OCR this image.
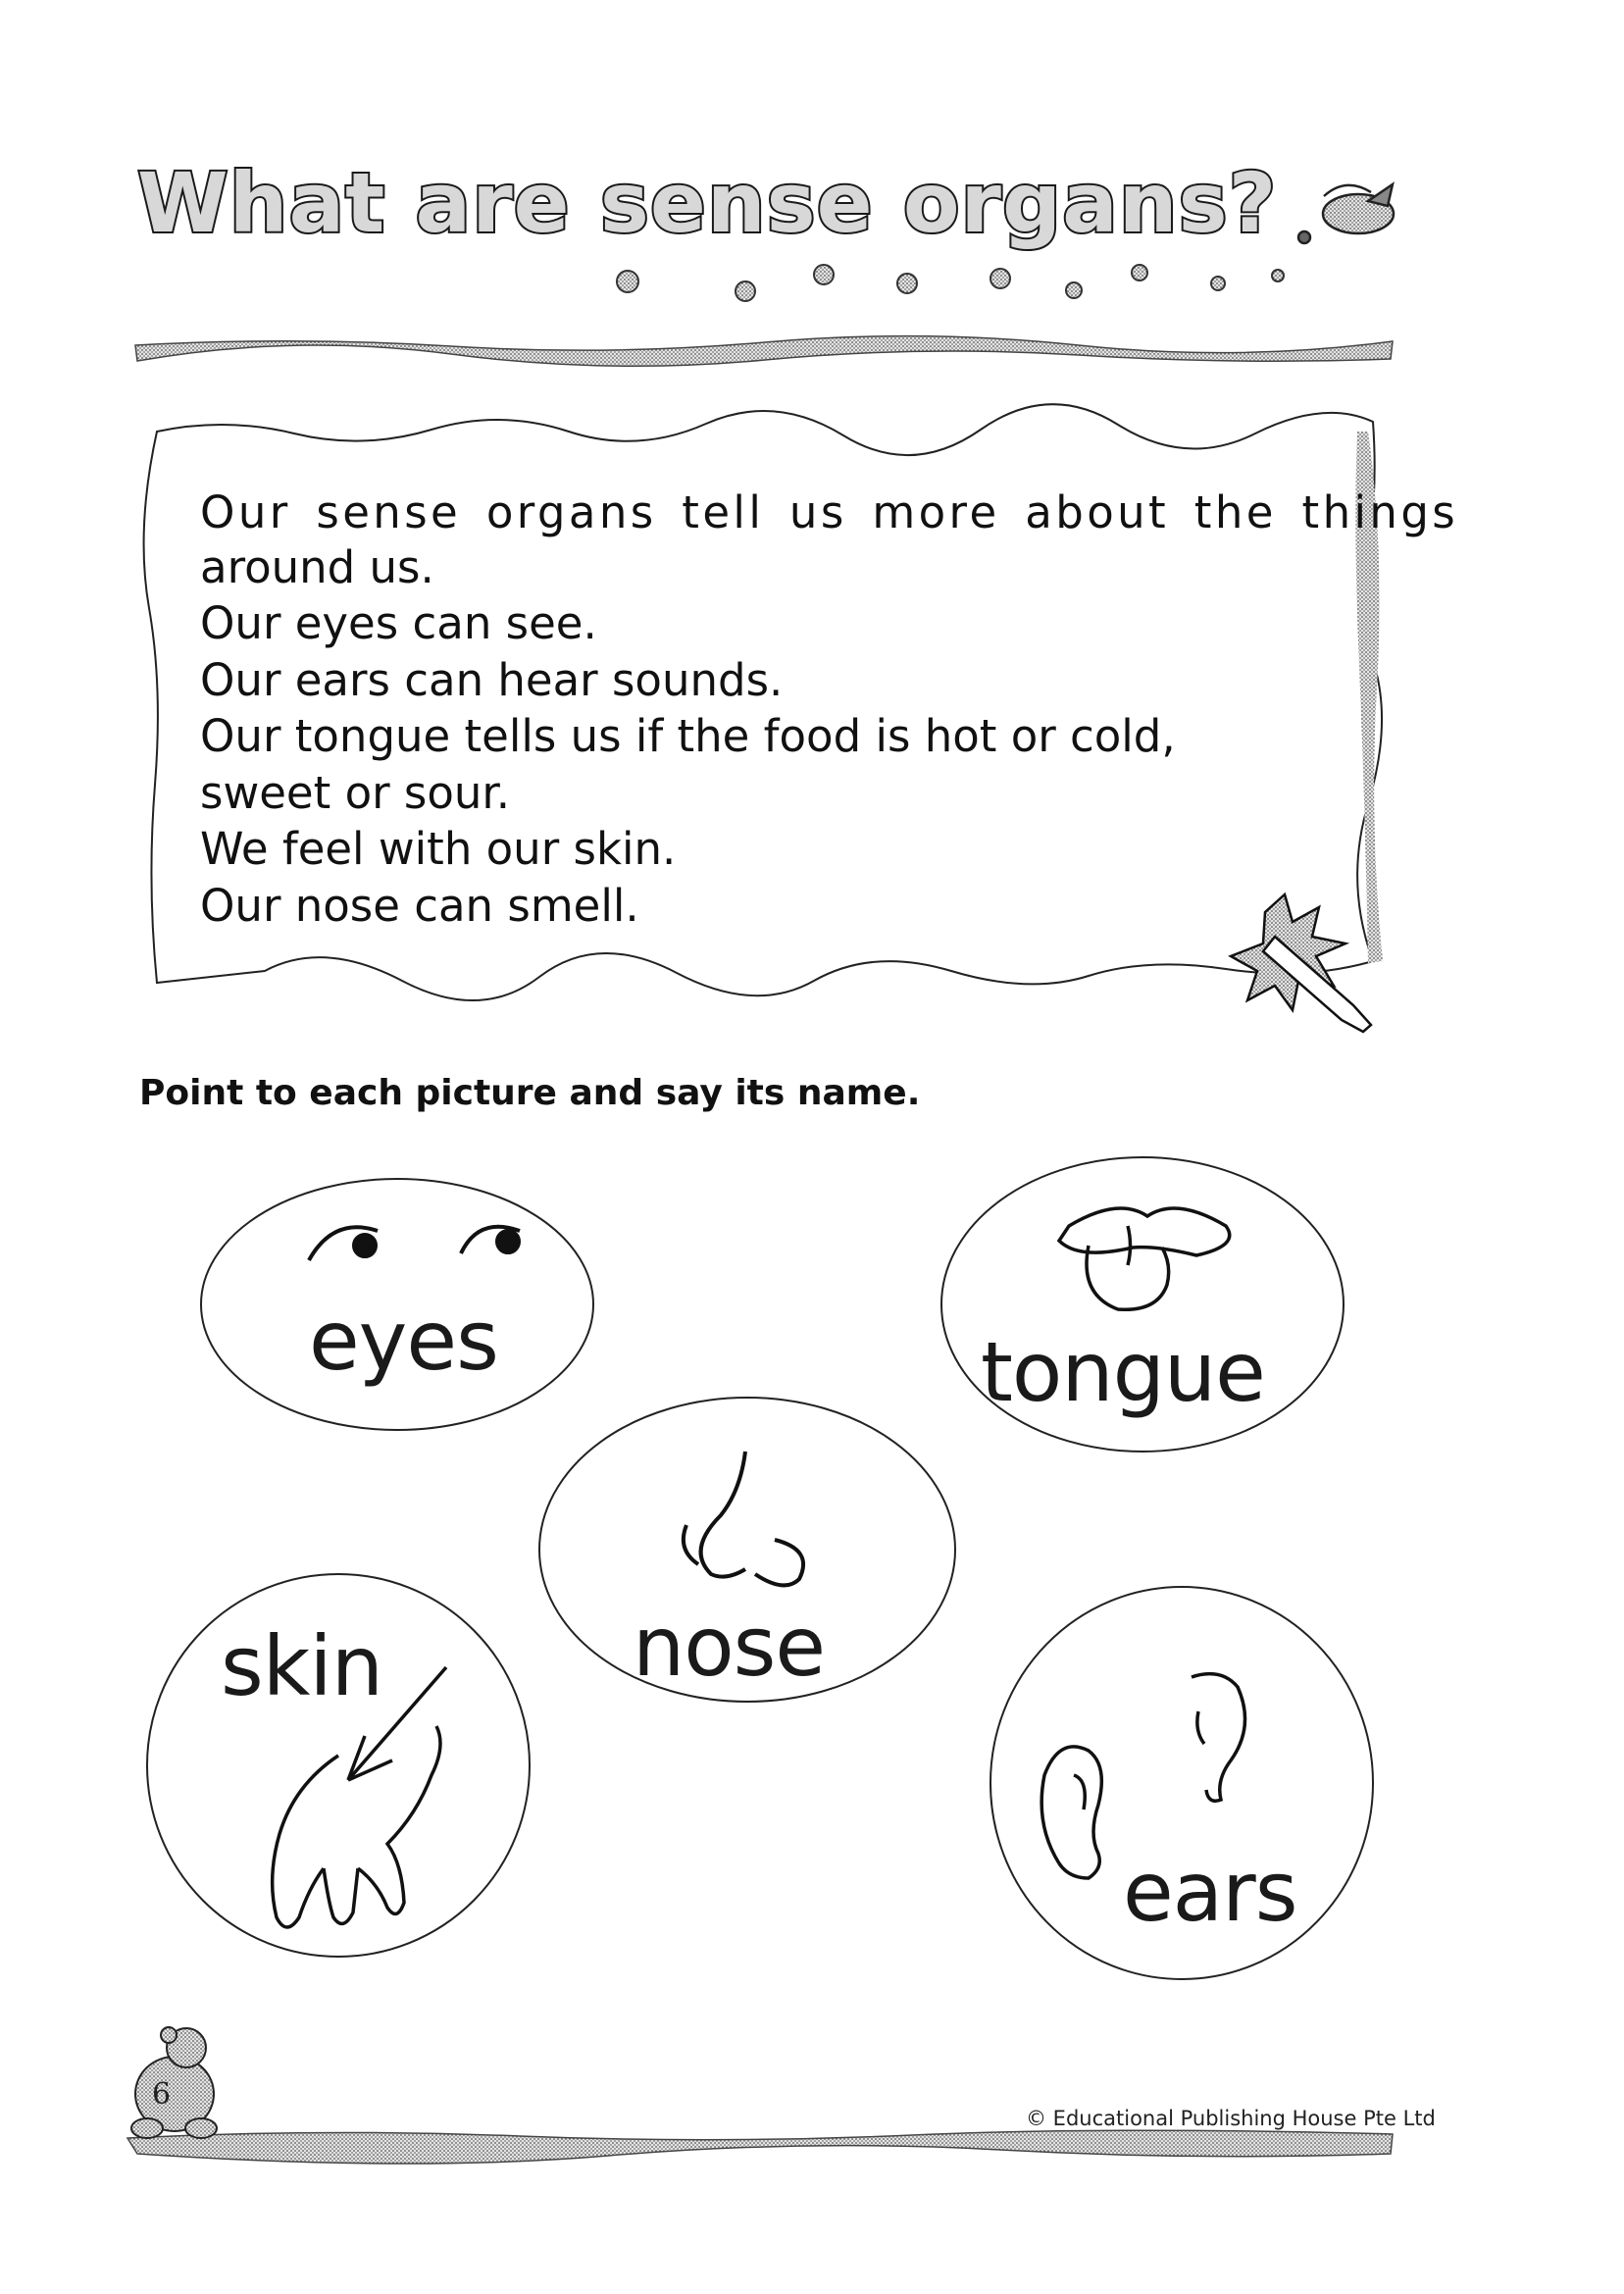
What are sense organs?
Our sense organs tell us more about the things
around us.
Our eyes can see.
Our ears can hear sounds.
Our tongue tells us if the food is hot or cold,
sweet or sour.
We feel with our skin.
Our nose can smell.
Point to each picture and say its name.
eyes	tongue
nose
skin
ears
6
© Educational Publishing House Pte Ltd
